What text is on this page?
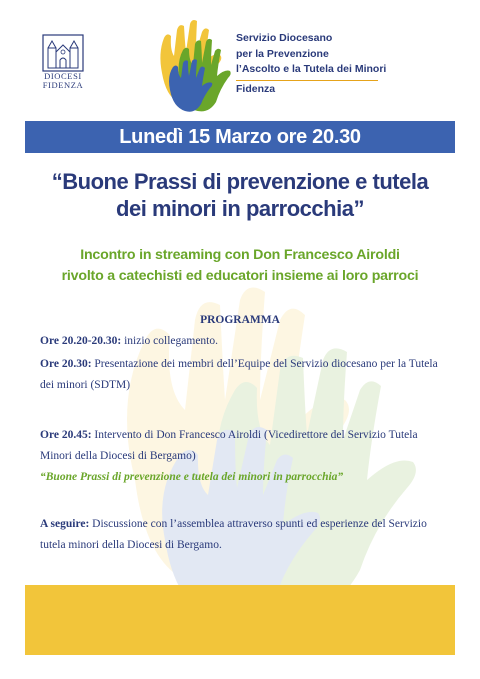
DIOCESI
FIDENZA
Servizio Diocesano
per la Prevenzione
l’Ascolto e la Tutela dei Minori
Fidenza
Lunedì 15 Marzo ore 20.30
“Buone Prassi di prevenzione e tutela
dei minori in parrocchia”
Incontro in streaming con Don Francesco Airoldi
rivolto a catechisti ed educatori insieme ai loro parroci
PROGRAMMA
Ore 20.20-20.30: inizio collegamento.
Ore 20.30: Presentazione dei membri dell’Equipe del Servizio diocesano per la Tutela dei minori (SDTM)
Ore 20.45: Intervento di Don Francesco Airoldi (Vicedirettore del Servizio Tutela Minori della Diocesi di Bergamo)
“Buone Prassi di prevenzione e tutela dei minori in parrocchia”
A seguire: Discussione con l’assemblea attraverso spunti ed esperienze del Servizio tutela minori della Diocesi di Bergamo.
